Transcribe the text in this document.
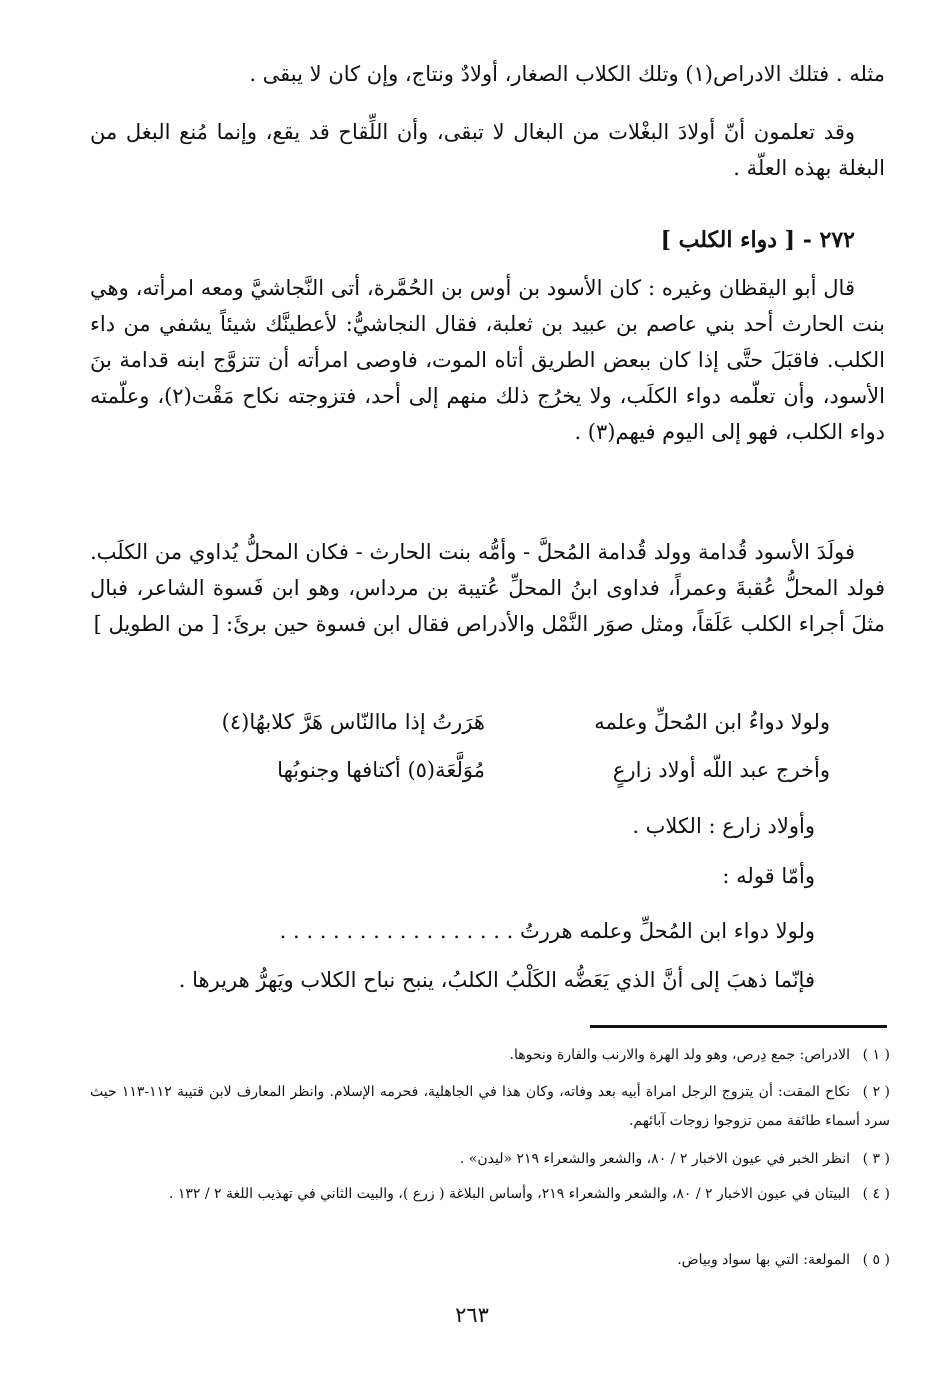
مثله . فتلك الادراص(١) وتلك الكلاب الصغار، أولادٌ ونتاج، وإن كان لا يبقى .

وقد تعلمون أنّ أولادَ البغْلات من البغال لا تبقى، وأن اللِّقاح قد يقع، وإنما مُنع البغل من البغلة بهذه العلّة .

٢٧٢ - [ دواء الكلب ]

قال أبو اليقظان وغيره : كان الأسود بن أوس بن الحُمَّرة، أتى النَّجاشيَّ ومعه امرأته، وهي بنت الحارث أحد بني عاصم بن عبيد بن ثعلبة، فقال النجاشيُّ: لأعطينَّك شيئاً يشفي من داء الكلب. فاقبَلَ حتَّى إذا كان ببعض الطريق أتاه الموت، فاوصى امرأته أن تتزوَّج ابنه قدامة بنَ الأسود، وأن تعلّمه دواء الكلَب، ولا يخرُج ذلك منهم إلى أحد، فتزوجته نكاح مَقْت(٢)، وعلّمته دواء الكلب، فهو إلى اليوم فيهم(٣) .

فولَدَ الأسود قُدامة وولد قُدامة المُحلَّ - وأمُّه بنت الحارث - فكان المحلُّ يُداوي من الكلَب. فولد المحلُّ عُقبةَ وعمراً، فداوى ابنُ المحلِّ عُتيبة بن مرداس، وهو ابن فَسوة الشاعر، فبال مثلَ أجراء الكلب عَلَقاً، ومثل صوَر النَّمْل والأدراص فقال ابن فسوة حين برئَ: [ من الطويل ]

ولولا دواءُ ابن المُحلِّ وعلمه
هَرَرتُ إذا ماالنّاس هَرَّ كلابهُا(٤)
وأخرج عبد اللّه أولاد زارعٍ
مُوَلَّعَة(٥) أكتافها وجنوبُها

وأولاد زارع : الكلاب .

وأمّا قوله :

ولولا دواء ابن المُحلِّ وعلمه هررتُ . . . . . . . . . . . . . . . . . .

فإنّما ذهبَ إلى أنَّ الذي يَعَضُّه الكَلْبُ الكلبُ، ينبح نباح الكلاب ويَهرُّ هريرها .

( ١ )الادراص: جمع دِرص، وهو ولد الهرة والارنب والفارة ونحوها.

( ٢ )نكاح المقت: أن يتزوج الرجل امراة أبيه بعد وفاته، وكان هذا في الجاهلية، فحرمه الإسلام. وانظر المعارف لابن قتيبة ١١٢-١١٣ حيث سرد أسماء طائفة ممن تزوجوا زوجات آبائهم.

( ٣ )انظر الخبر في عيون الاخبار ٢ / ٨٠، والشعر والشعراء ٢١٩ «ليدن» .

( ٤ )البيتان في عيون الاخبار ٢ / ٨٠، والشعر والشعراء ٢١٩، وأساس البلاغة ( زرع )، والبيت الثاني في تهذيب اللغة ٢ / ١٣٢ .

( ٥ )المولعة: التي بها سواد وبياض.

٢٦٣
